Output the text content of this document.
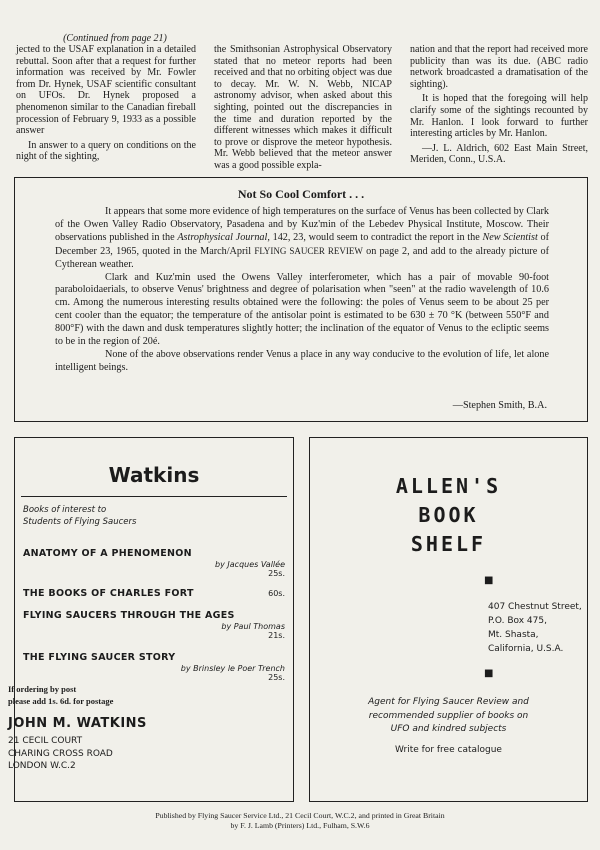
(Continued from page 21)

jected to the USAF explanation in a detailed rebuttal. Soon after that a request for further information was received by Mr. Fowler from Dr. Hynek, USAF scientific consultant on UFOs. Dr. Hynek proposed a phenomenon similar to the Canadian fireball procession of February 9, 1933 as a possible answer

In answer to a query on conditions on the night of the sighting,

the Smithsonian Astrophysical Observatory stated that no meteor reports had been received and that no orbiting object was due to decay. Mr. W. N. Webb, NICAP astronomy advisor, when asked about this sighting, pointed out the discrepancies in the time and duration reported by the different witnesses which makes it difficult to prove or disprove the meteor hypothesis. Mr. Webb believed that the meteor answer was a good possible expla-

nation and that the report had received more publicity than was its due. (ABC radio network broadcasted a dramatisation of the sighting).

It is hoped that the foregoing will help clarify some of the sightings recounted by Mr. Hanlon. I look forward to further interesting articles by Mr. Hanlon.

—J. L. Aldrich, 602 East Main Street, Meriden, Conn., U.S.A.

Not So Cool Comfort . . .

It appears that some more evidence of high temperatures on the surface of Venus has been collected by Clark of the Owen Valley Radio Observatory, Pasadena and by Kuz'min of the Lebedev Physical Institute, Moscow. Their observations published in the Astrophysical Journal, 142, 23, would seem to contradict the report in the New Scientist of December 23, 1965, quoted in the March/April FLYING SAUCER REVIEW on page 2, and add to the already picture of Cytherean weather.

Clark and Kuz'min used the Owens Valley interferometer, which has a pair of movable 90-foot paraboloidaerials, to observe Venus' brightness and degree of polarisation when "seen" at the radio wavelength of 10.6 cm. Among the numerous interesting results obtained were the following: the poles of Venus seem to be about 25 per cent cooler than the equator; the temperature of the antisolar point is estimated to be 630 ± 70 °K (between 550°F and 800°F) with the dawn and dusk temperatures slightly hotter; the inclination of the equator of Venus to the ecliptic seems to be in the region of 20é.

None of the above observations render Venus a place in any way conducive to the evolution of life, let alone intelligent beings.

—Stephen Smith, B.A.
Watkins
Books of interest to Students of Flying Saucers
ANATOMY OF A PHENOMENON
by Jacques Vallée
25s.
THE BOOKS OF CHARLES FORT	60s.
FLYING SAUCERS THROUGH THE AGES
by Paul Thomas
21s.
THE FLYING SAUCER STORY
by Brinsley le Poer Trench
25s.
If ordering by post
please add 1s. 6d. for postage
JOHN M. WATKINS
21 CECIL COURT
CHARING CROSS ROAD
LONDON W.C.2
ALLEN'S
BOOK
SHELF
■
407 Chestnut Street,
P.O. Box 475,
Mt. Shasta,
California, U.S.A.
■
Agent for Flying Saucer Review and
recommended supplier of books on
UFO and kindred subjects
Write for free catalogue
Published by Flying Saucer Service Ltd., 21 Cecil Court, W.C.2, and printed in Great Britain
by F. J. Lamb (Printers) Ltd., Fulham, S.W.6
